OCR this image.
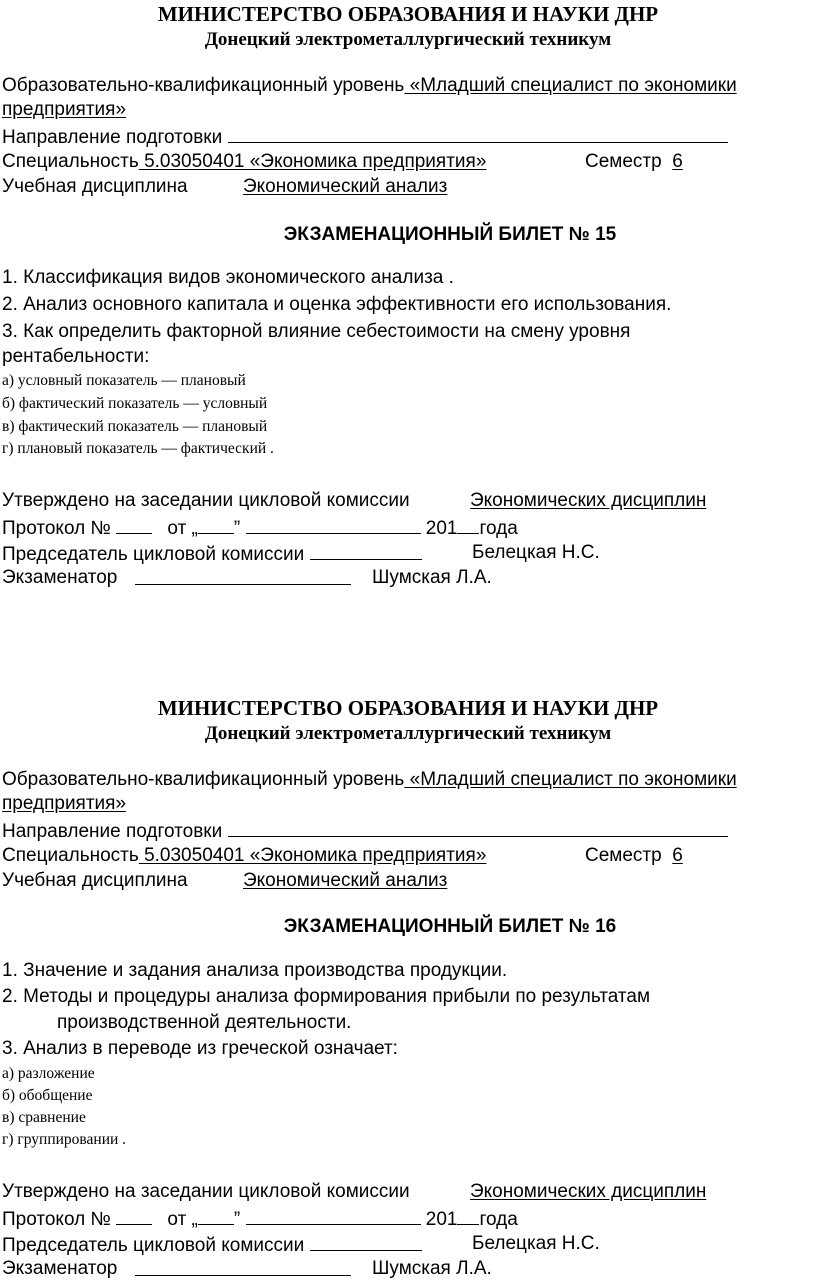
МИНИСТЕРСТВО ОБРАЗОВАНИЯ И НАУКИ ДНР
Донецкий электрометаллургический техникум
Образовательно-квалификационный уровень «Младший специалист по экономики
предприятия»
Направление подготовки
Специальность 5.03050401 «Экономика предприятия»	Семестр 6
Учебная дисциплина	Экономический анализ
ЭКЗАМЕНАЦИОННЫЙ БИЛЕТ № 15
1. Классификация видов экономического анализа .
2. Анализ основного капитала и оценка эффективности его использования.
3. Как определить факторной влияние себестоимости на смену уровня
рентабельности:
а) условный показатель — плановый
б) фактический показатель — условный
в) фактический показатель — плановый
г) плановый показатель — фактический .
Утверждено на заседании цикловой комиссии	Экономических дисциплин
Протокол №	от „ ”	201 года
Председатель цикловой комиссии	Белецкая Н.С.
Экзаменатор	Шумская Л.А.
МИНИСТЕРСТВО ОБРАЗОВАНИЯ И НАУКИ ДНР
Донецкий электрометаллургический техникум
Образовательно-квалификационный уровень «Младший специалист по экономики
предприятия»
Направление подготовки
Специальность 5.03050401 «Экономика предприятия»	Семестр 6
Учебная дисциплина	Экономический анализ
ЭКЗАМЕНАЦИОННЫЙ БИЛЕТ № 16
1. Значение и задания анализа производства продукции.
2. Методы и процедуры анализа формирования прибыли по результатам
производственной деятельности.
3. Анализ в переводе из греческой означает:
а) разложение
б) обобщение
в) сравнение
г) группировании .
Утверждено на заседании цикловой комиссии	Экономических дисциплин
Протокол №	от „ ”	201 года
Председатель цикловой комиссии	Белецкая Н.С.
Экзаменатор	Шумская Л.А.
